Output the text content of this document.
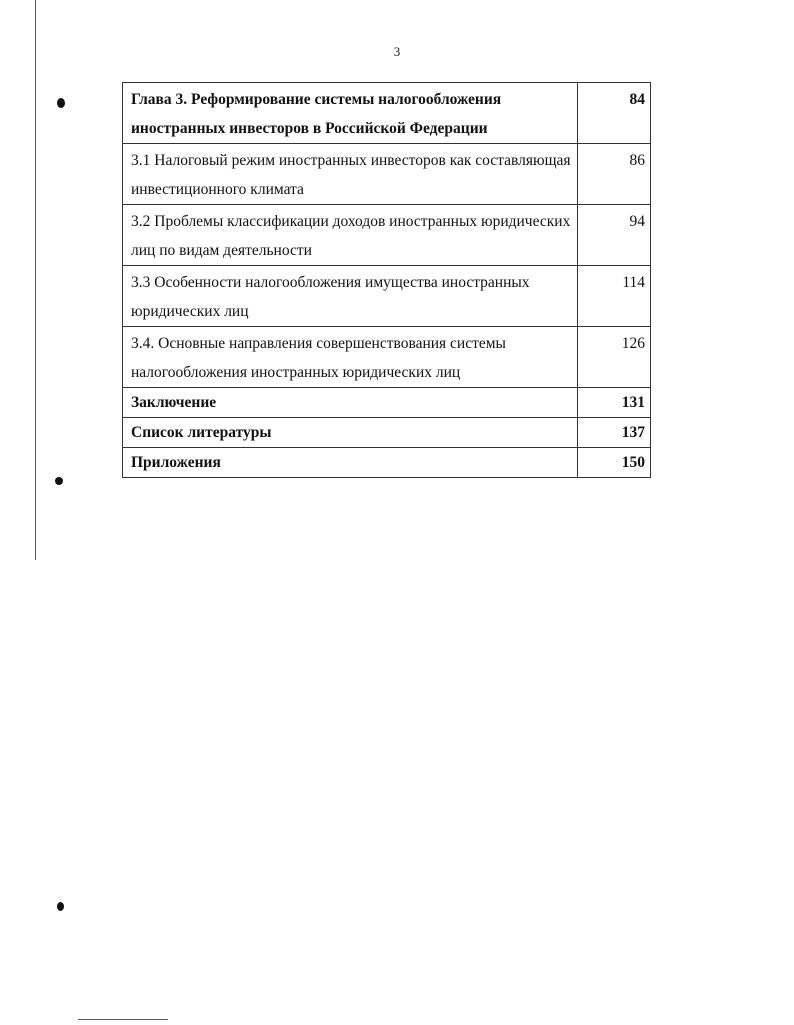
3
Глава 3. Реформирование системы налогообложения иностранных инвесторов в Российской Федерации	84
3.1 Налоговый режим иностранных инвесторов как составляющая инвестиционного климата	86
3.2 Проблемы классификации доходов иностранных юридических лиц по видам деятельности	94
3.3 Особенности налогообложения имущества иностранных юридических лиц	114
3.4. Основные направления совершенствования системы налогообложения иностранных юридических лиц	126
Заключение	131
Список литературы	137
Приложения	150
